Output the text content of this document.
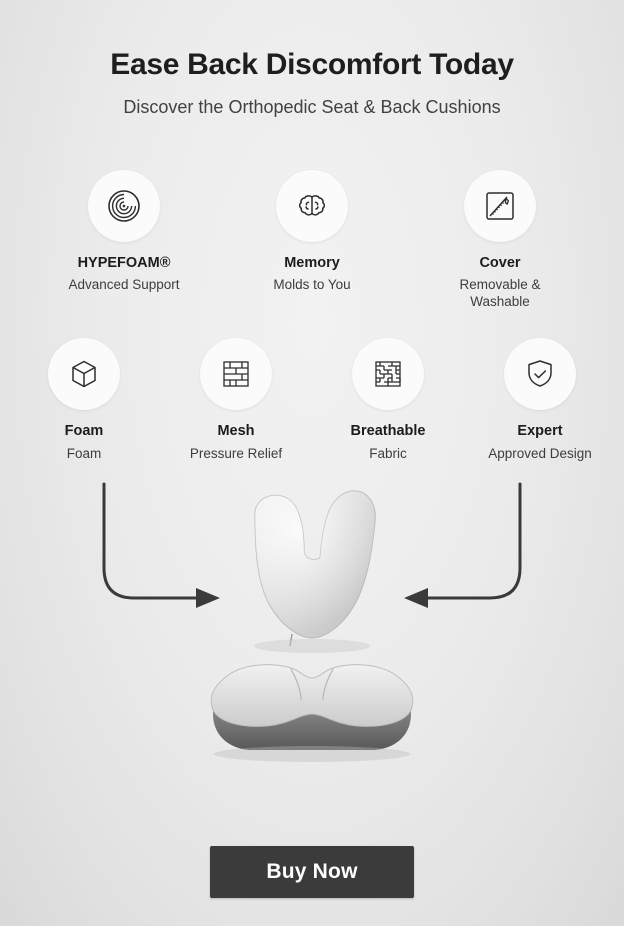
Ease Back Discomfort Today

Discover the Orthopedic Seat & Back Cushions

HYPEFOAM®
Advanced Support
Memory
Molds to You
Cover
Removable & Washable
Foam
Foam
Mesh
Pressure Relief
Breathable
Fabric
Expert
Approved Design
Buy Now
